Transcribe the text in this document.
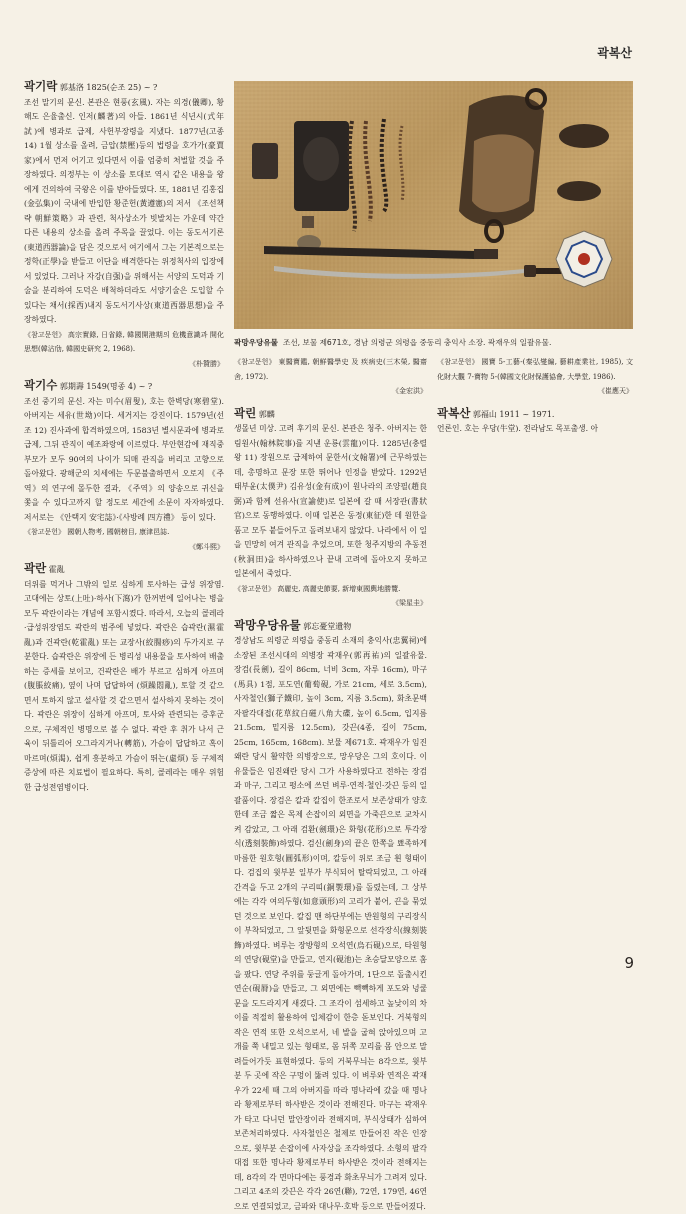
곽복산
곽망우당유물 조선, 보물 제671호, 경남 의령군 의령읍 중동리 충익사 소장. 곽재우의 일괄유물.
곽기락 郭基洛 1825(순조 25) ~ ?

조선 말기의 문신. 본관은 현풍(玄風). 자는 의경(儀卿), 황해도 은율출신. 인저(麟著)의 아들. 1861년 식년시(式年試)에 병과로 급제, 사헌부장령을 지냈다. 1877년(고종 14) 1월 상소를 올려, 금압(禁壓)등의 법령을 호가가(豪賈家)에서 먼저 어기고 있다면서 이를 엄중히 처벌할 것을 주장하였다. 의정부는 이 상소를 토대로 역시 같은 내용을 왕에게 건의하여 국왕은 이를 받아들였다. 또, 1881년 김홍집(金弘集)이 국내에 반입한 황준헌(黃遵憲)의 저서 《조선책략 朝鮮策略》과 관련, 척사상소가 빗발치는 가운데 약간 다른 내용의 상소를 올려 주목을 끌었다. 이는 동도서기론(東道西器論)을 담은 것으로서 여기에서 그는 기본적으로는 정학(正學)을 받들고 이단을 배격한다는 위정척사의 입장에서 있었다. 그러나 자강(自强)을 위해서는 서양의 도덕과 기술을 분리하여 도덕은 배척하더라도 서양기술은 도입할 수 있다는 채서(採西)내지 동도서기사상(東道西器思想)을 주장하였다.

《참고문헌》 高宗實錄, 日省錄, 韓國開港期의 危機意識과 開化思想(韓沾劤, 韓國史研究 2, 1968).

《朴贊勝》

곽기수 郭期壽 1549(명종 4) ~ ?

조선 중기의 문신. 자는 미수(眉叟), 호는 한벽당(寒碧堂). 아버지는 세유(世坳)이다. 세거지는 강진이다. 1579년(선조 12) 진사과에 합격하였으며, 1583년 별시문과에 병과로 급제, 그뒤 관직이 예조좌랑에 이르렀다. 부안현감에 재직중 부모가 모두 90여의 나이가 되매 관직을 버리고 고향으로 돌아왔다. 광해군의 치세에는 두문불출하면서 오로지 《주역》의 연구에 몰두한 결과, 《주역》의 양송으로 귀신을 쫓을 수 있다고까지 할 정도로 세간에 소문이 자자하였다. 저서로는 《안택지 安宅誌》·《사방례 四方禮》 등이 있다.

《참고문헌》 國朝人物考, 國朝榜目, 康津邑誌.

《鄭斗熙》

곽란 霍亂

더위를 먹거나 그밖의 일로 심하게 토사하는 급성 위장염. 고대에는 상토(上吐)·하사(下瀉)가 한꺼번에 일어나는 병을 모두 곽란이라는 개념에 포함시켰다. 따라서, 오늘의 콜레라·급성위장염도 곽란의 범주에 넣었다. 곽란은 습곽란(濕霍亂)과 건곽란(乾霍亂) 또는 교장사(絞腸痧)의 두가지로 구분한다. 습곽란은 위장에 든 병리성 내용물을 토사하여 배출하는 증세를 보이고, 건곽란은 배가 부르고 심하게 아프며 (腹脹絞痛), 옆이 나며 답답하여 (煩躁悶亂), 토할 것 같으면서 토하지 않고 설사할 것 같으면서 설사하지 못하는 것이다. 곽란은 위장이 심하게 아프며, 토사와 관련되는 증후군으로, 구체적인 병명으로 볼 수 없다. 곽란 후 취가 나서 근육이 뒤틀리어 오그라지거나(轉筋), 가슴이 답답하고 혹이 마르며(煩渴), 쉽게 흥분하고 가슴이 뛰는(虛煩) 등 구체적 증상에 따른 치료법이 필요하다. 특히, 콜레라는 매우 위험한 급성전염병이다.

《참고문헌》 東醫寶鑑, 朝鮮醫學史 及 疾病史(三木榮, 醫齋舍, 1972).

《金宏洪》

곽린 郭麟

생몰년 미상. 고려 후기의 문신. 본관은 청주. 아버지는 한림원사(翰林院事)를 지낸 운룡(雲龍)이다. 1285년(충렬왕 11) 장원으로 급제하여 문한서(文翰署)에 근무하였는데, 총명하고 문장 또한 뛰어나 인정을 받았다. 1292년 태부윤(太僕尹) 김유성(金有成)이 원나라의 조양필(趙良弼)과 함께 선유사(宣諭使)로 일본에 갈 때 서장관(書狀官)으로 동행하였다. 이때 일본은 동정(東征)한 데 원한을 품고 모두 붙들어두고 돌려보내지 않았다. 나라에서 이 일을 민망히 여겨 관직을 추었으며, 또한 청주지방의 추동전(秋洞田)을 하사하였으나 끝내 고려에 돌아오지 못하고 일본에서 죽었다.

《참고문헌》 高麗史, 高麗史節要, 新增東國輿地勝覽.

《梁星圭》

곽망우당유물 郭忘憂堂遺物

경상남도 의령군 의령읍 중동리 소재의 충익사(忠翼祠)에 소장된 조선시대의 의병장 곽재우(郭再祐)의 일괄유물. 장검(長劍), 길이 86cm, 너비 3cm, 자루 16cm), 마구(馬具) 1점, 포도연(葡萄硯, 가로 21cm, 세로 3.5cm), 사자철인(獅子鐵印, 높이 3cm, 지름 3.5cm), 화초문백자팔각대접(花草紋白磁八角大碟, 높이 6.5cm, 입지름 21.5cm, 밑지름 12.5cm), 갓끈(4종, 길이 75cm, 25cm, 165cm, 168cm). 보물 제671호. 곽재우가 임진왜란 당시 활약한 의병장으로, 망우당은 그의 호이다. 이 유물들은 임진왜란 당시 그가 사용하였다고 전하는 장검과 마구, 그리고 평소에 쓰던 벼루·연적·철인·갓끈 등의 일괄품이다. 장검은 칼과 칼집이 한조로서 보존상태가 양호한데 조금 짧은 목제 손잡이의 외면을 가죽끈으로 교차시켜 감았고, 그 아래 검환(劍環)은 화형(花形)으로 투각장식(透刻裝飾)하였다. 검신(劍身)의 끝은 한쪽을 뾰족하게 마름한 원호형(圓弧形)이며, 칼등이 위로 조금 휜 형태이다. 검집의 윗부분 일부가 부식되어 탈락되었고, 그 아래 간격을 두고 2개의 구리띠(銅製環)를 돌렸는데, 그 상부에는 각각 여의두형(如意頭形)의 고리가 붙어, 끈을 묶었던 것으로 보인다. 칼집 맨 하단부에는 반원형의 구리장식이 부착되었고, 그 앞뒷면을 화형문으로 선각장식(線刻裝飾)하였다. 벼루는 장방형의 오석연(烏石硯)으로, 타원형의 연당(硯堂)을 만들고, 연지(硯池)는 초승달모양으로 홈을 팠다. 연당 주위를 둥글게 돌아가며, 1단으로 돌출시킨 연순(硯脣)을 만들고, 그 외면에는 빽빽하게 포도와 넝쿨문을 도드라지게 새겼다. 그 조각이 섬세하고 높낮이의 차이를 적절히 활용하여 입체감이 한층 돋보인다. 거북형의 작은 연적 또한 오석으로서, 네 발을 굽혀 앉아있으며 고개를 쭉 내밀고 있는 형태로, 몸 뒤쪽 꼬리를 몸 안으로 말려들어가듯 표현하였다. 등의 거북무늬는 8각으로, 윗부분 두 곳에 작은 구멍이 뚫려 있다. 이 벼루와 연적은 곽재우가 22세 때 그의 아버지를 따라 명나라에 갔을 때 명나라 황제로부터 하사받은 것이라 전해진다. 마구는 곽재우가 타고 다니던 말안장이라 전해지며, 부식상태가 심하여 보존처리하였다. 사자철인은 철제로 만들어진 작은 인장으로, 윗부분 손잡이에 사자상을 조각하였다. 소형의 팔각대접 또한 명나라 황제로부터 하사받은 것이라 전해지는데, 8각의 각 면마다에는 풍경과 화초무늬가 그려져 있다. 그리고 4조의 갓끈은 각각 26연(聯), 72연, 179연, 46연으로 연결되었고, 금파와 대나무·호박 등으로 만들어졌다.

《참고문헌》 國寶 5-工藝-(秦弘燮編, 藝耕產業社, 1985), 文化財大觀 7-寶物 5-(韓國文化財保護協會, 大學堂, 1986).

《崔應天》

곽복산 郭福山 1911 ~ 1971.

언론인. 호는 우당(牛堂). 전라남도 목포출생. 아

9
